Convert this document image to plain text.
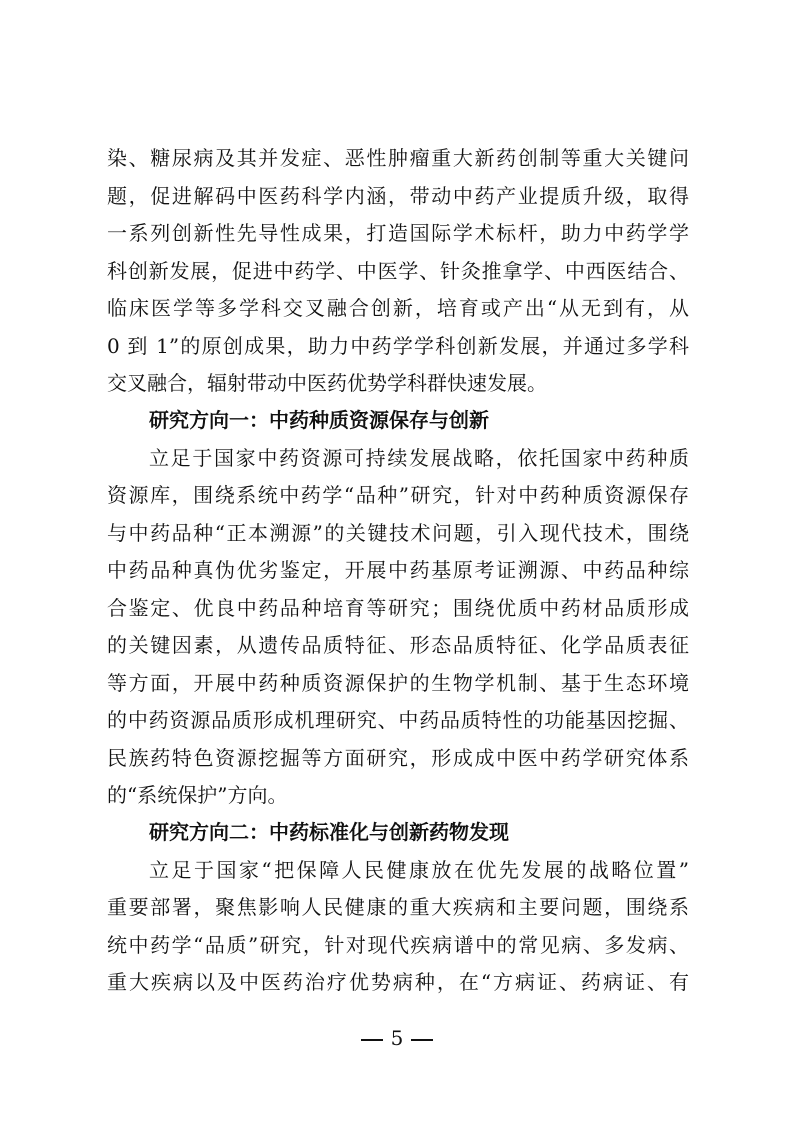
染、糖尿病及其并发症、恶性肿瘤重大新药创制等重大关键问
题，促进解码中医药科学内涵，带动中药产业提质升级，取得
一系列创新性先导性成果，打造国际学术标杆，助力中药学学
科创新发展，促进中药学、中医学、针灸推拿学、中西医结合、
临床医学等多学科交叉融合创新，培育或产出“从无到有，从
0 到 1”的原创成果，助力中药学学科创新发展，并通过多学科
交叉融合，辐射带动中医药优势学科群快速发展。
研究方向一：中药种质资源保存与创新
立足于国家中药资源可持续发展战略，依托国家中药种质
资源库，围绕系统中药学“品种”研究，针对中药种质资源保存
与中药品种“正本溯源”的关键技术问题，引入现代技术，围绕
中药品种真伪优劣鉴定，开展中药基原考证溯源、中药品种综
合鉴定、优良中药品种培育等研究；围绕优质中药材品质形成
的关键因素，从遗传品质特征、形态品质特征、化学品质表征
等方面，开展中药种质资源保护的生物学机制、基于生态环境
的中药资源品质形成机理研究、中药品质特性的功能基因挖掘、
民族药特色资源挖掘等方面研究，形成成中医中药学研究体系
的“系统保护”方向。
研究方向二：中药标准化与创新药物发现
立足于国家“把保障人民健康放在优先发展的战略位置”
重要部署，聚焦影响人民健康的重大疾病和主要问题，围绕系
统中药学“品质”研究，针对现代疾病谱中的常见病、多发病、
重大疾病以及中医药治疗优势病种，在“方病证、药病证、有
5
